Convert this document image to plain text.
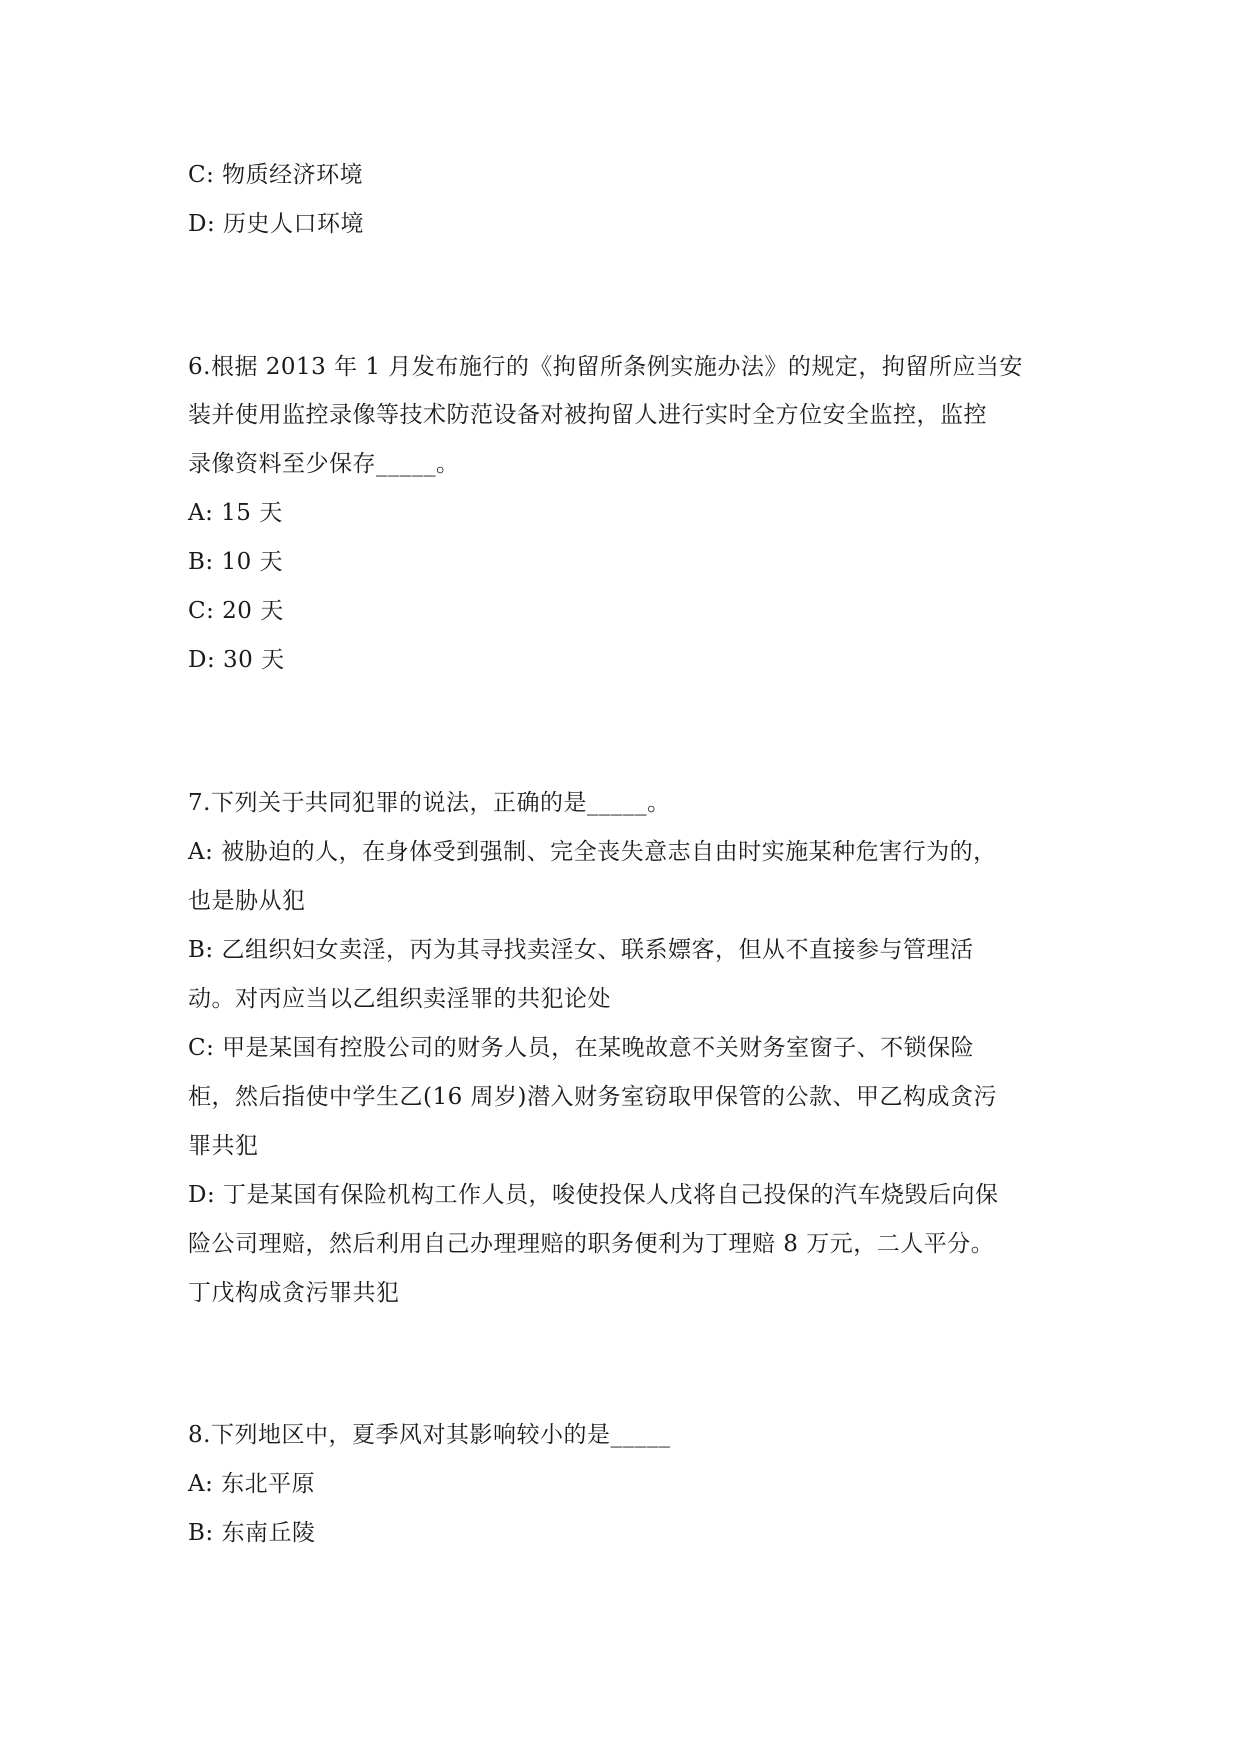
C: 物质经济环境
D: 历史人口环境
6.根据 2013 年 1 月发布施行的《拘留所条例实施办法》的规定，拘留所应当安
装并使用监控录像等技术防范设备对被拘留人进行实时全方位安全监控，监控
录像资料至少保存_____。
A: 15 天
B: 10 天
C: 20 天
D: 30 天
7.下列关于共同犯罪的说法，正确的是_____。
A: 被胁迫的人，在身体受到强制、完全丧失意志自由时实施某种危害行为的，
也是胁从犯
B: 乙组织妇女卖淫，丙为其寻找卖淫女、联系嫖客，但从不直接参与管理活
动。对丙应当以乙组织卖淫罪的共犯论处
C: 甲是某国有控股公司的财务人员，在某晚故意不关财务室窗子、不锁保险
柜，然后指使中学生乙(16 周岁)潜入财务室窃取甲保管的公款、甲乙构成贪污
罪共犯
D: 丁是某国有保险机构工作人员，唆使投保人戊将自己投保的汽车烧毁后向保
险公司理赔，然后利用自己办理理赔的职务便利为丁理赔 8 万元，二人平分。
丁戊构成贪污罪共犯
8.下列地区中，夏季风对其影响较小的是_____
A: 东北平原
B: 东南丘陵
